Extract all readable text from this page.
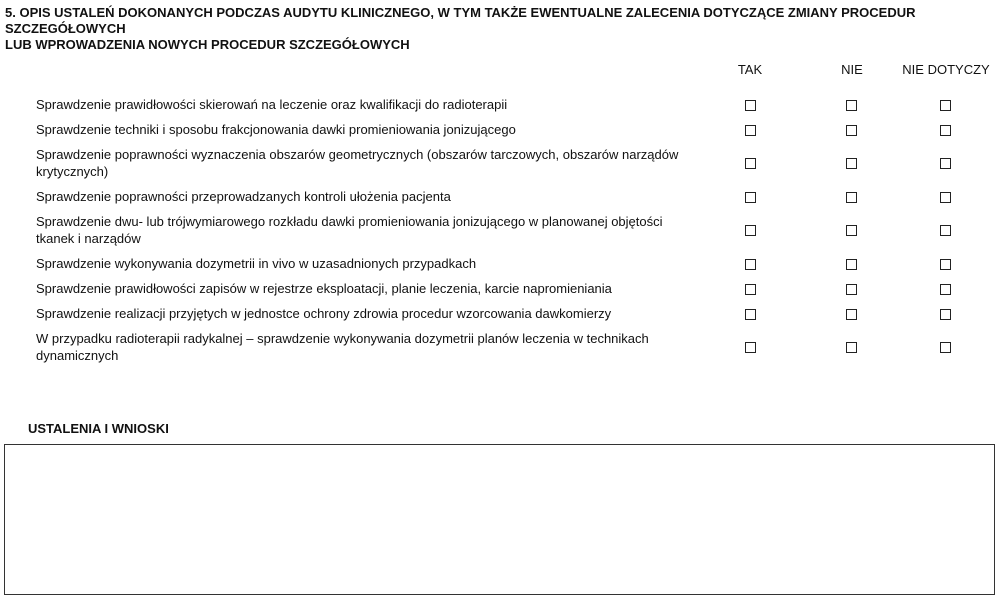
5. OPIS USTALEŃ DOKONANYCH PODCZAS AUDYTU KLINICZNEGO, W TYM TAKŻE EWENTUALNE ZALECENIA DOTYCZĄCE ZMIANY PROCEDUR SZCZEGÓŁOWYCH
LUB WPROWADZENIA NOWYCH PROCEDUR SZCZEGÓŁOWYCH
TAK	NIE	NIE DOTYCZY
Sprawdzenie prawidłowości skierowań na leczenie oraz kwalifikacji do radioterapii
Sprawdzenie techniki i sposobu frakcjonowania dawki promieniowania jonizującego
Sprawdzenie poprawności wyznaczenia obszarów geometrycznych (obszarów tarczowych, obszarów narządów krytycznych)
Sprawdzenie poprawności przeprowadzanych kontroli ułożenia pacjenta
Sprawdzenie dwu- lub trójwymiarowego rozkładu dawki promieniowania jonizującego w planowanej objętości tkanek i narządów
Sprawdzenie wykonywania dozymetrii in vivo w uzasadnionych przypadkach
Sprawdzenie prawidłowości zapisów w rejestrze eksploatacji, planie leczenia, karcie napromieniania
Sprawdzenie realizacji przyjętych w jednostce ochrony zdrowia procedur wzorcowania dawkomierzy
W przypadku radioterapii radykalnej – sprawdzenie wykonywania dozymetrii planów leczenia w technikach dynamicznych
USTALENIA I WNIOSKI
